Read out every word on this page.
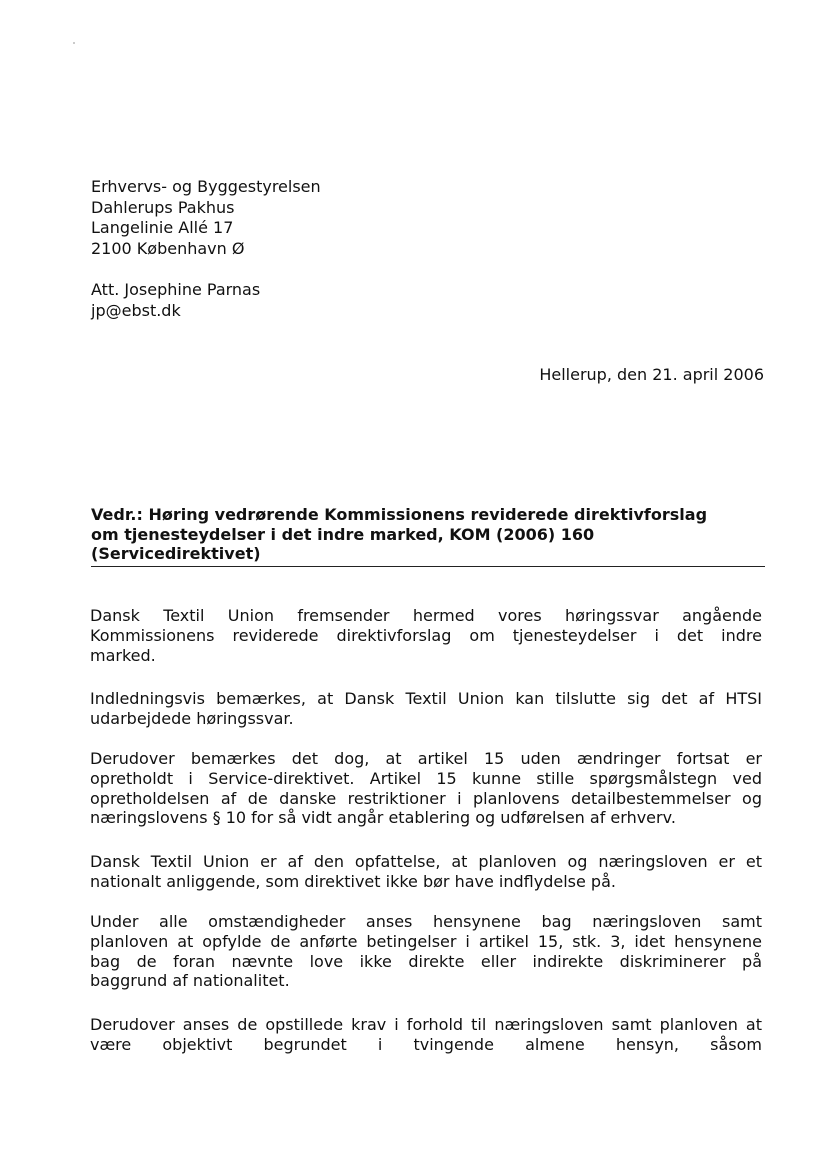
Erhvervs- og Byggestyrelsen
Dahlerups Pakhus
Langelinie Allé 17
2100 København Ø
Att. Josephine Parnas
jp@ebst.dk
Hellerup, den 21. april 2006
Vedr.: Høring vedrørende Kommissionens reviderede direktivforslag
om tjenesteydelser i det indre marked, KOM (2006) 160
(Servicedirektivet)
Dansk Textil Union fremsender hermed vores høringssvar angående
Kommissionens reviderede direktivforslag om tjenesteydelser i det indre
marked.
Indledningsvis bemærkes, at Dansk Textil Union kan tilslutte sig det af HTSI
udarbejdede høringssvar.
Derudover bemærkes det dog, at artikel 15 uden ændringer fortsat er
opretholdt i Service-direktivet. Artikel 15 kunne stille spørgsmålstegn ved
opretholdelsen af de danske restriktioner i planlovens detailbestemmelser og
næringslovens § 10 for så vidt angår etablering og udførelsen af erhverv.
Dansk Textil Union er af den opfattelse, at planloven og næringsloven er et
nationalt anliggende, som direktivet ikke bør have indflydelse på.
Under alle omstændigheder anses hensynene bag næringsloven samt
planloven at opfylde de anførte betingelser i artikel 15, stk. 3, idet hensynene
bag de foran nævnte love ikke direkte eller indirekte diskriminerer på
baggrund af nationalitet.
Derudover anses de opstillede krav i forhold til næringsloven samt planloven at
være objektivt begrundet i tvingende almene hensyn, såsom
